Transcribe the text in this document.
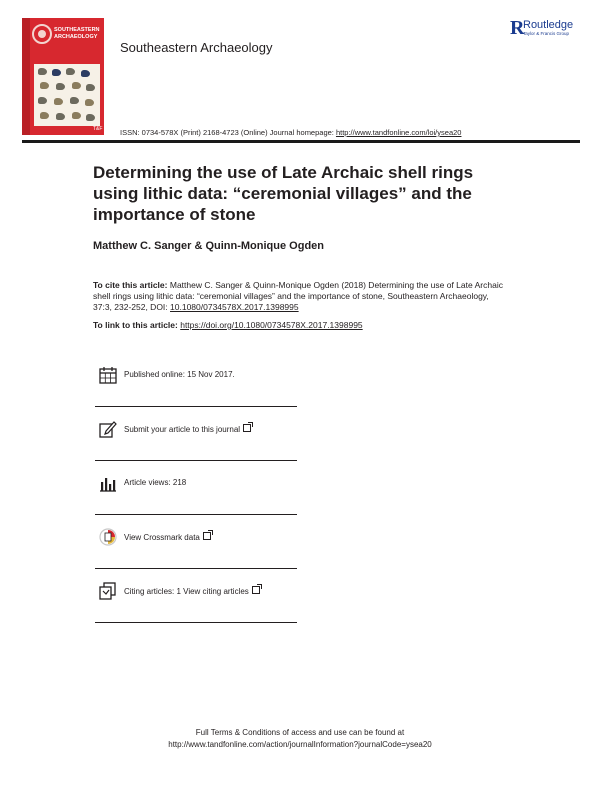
SOUTHEASTERN ARCHAEOLOGY
T&F
R
Routledge
Taylor & Francis Group
Southeastern Archaeology
ISSN: 0734-578X (Print) 2168-4723 (Online) Journal homepage: http://www.tandfonline.com/loi/ysea20
Determining the use of Late Archaic shell rings using lithic data: “ceremonial villages” and the importance of stone
Matthew C. Sanger & Quinn-Monique Ogden
To cite this article: Matthew C. Sanger & Quinn-Monique Ogden (2018) Determining the use of Late Archaic shell rings using lithic data: “ceremonial villages” and the importance of stone, Southeastern Archaeology, 37:3, 232-252, DOI: 10.1080/0734578X.2017.1398995
To link to this article: https://doi.org/10.1080/0734578X.2017.1398995
Published online: 15 Nov 2017.
Submit your article to this journal
Article views: 218
View Crossmark data
Citing articles: 1 View citing articles
Full Terms & Conditions of access and use can be found at
http://www.tandfonline.com/action/journalInformation?journalCode=ysea20
